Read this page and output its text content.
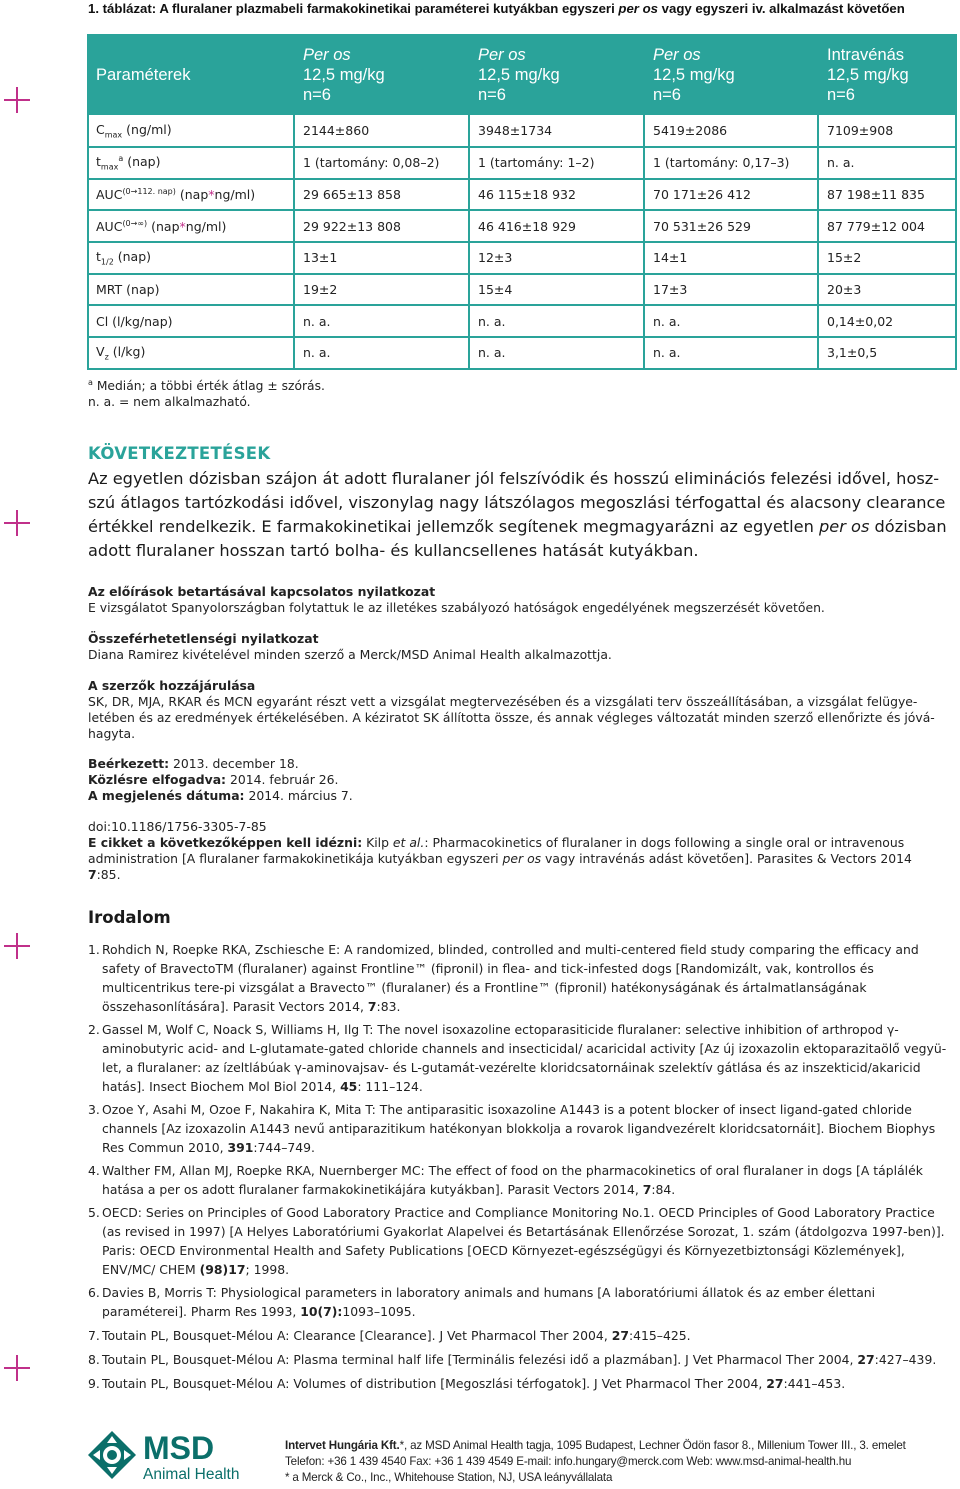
1. táblázat: A fluralaner plazmabeli farmakokinetikai paraméterei kutyákban egyszeri per os vagy egyszeri iv. alkalmazást követően
Paraméterek	Per os
12,5 mg/kg
n=6	Per os
12,5 mg/kg
n=6	Per os
12,5 mg/kg
n=6	Intravénás
12,5 mg/kg
n=6
$C_{max}$ (ng/ml)	2144±860	3948±1734	5419±2086	7109±908
$t_{max}^a$ (nap)	1 (tartomány: 0,08–2)	1 (tartomány: 1–2)	1 (tartomány: 0,17–3)	n. a.
$AUC^{(0\to 112. nap)}$ (nap*ng/ml)	29 665±13 858	46 115±18 932	70 171±26 412	87 198±11 835
$AUC^{(0\to\infty)}$ (nap*ng/ml)	29 922±13 808	46 416±18 929	70 531±26 529	87 779±12 004
$t_{1/2}$ (nap)	13±1	12±3	14±1	15±2
MRT (nap)	19±2	15±4	17±3	20±3
Cl (l/kg/nap)	n. a.	n. a.	n. a.	0,14±0,02
$V_z$ (l/kg)	n. a.	n. a.	n. a.	3,1±0,5
$^a$ Medián; a többi érték átlag ± szórás.
n. a. = nem alkalmazható.
KÖVETKEZTETÉSEK

Az egyetlen dózisban szájon át adott fluralaner jól felszívódik és hosszú eliminációs felezési idővel, hosz-szú átlagos tartózkodási idővel, viszonylag nagy látszólagos megoszlási térfogattal és alacsony clearance értékkel rendelkezik. E farmakokinetikai jellemzők segítenek megmagyarázni az egyetlen per os dózisban adott fluralaner hosszan tartó bolha- és kullancsellenes hatását kutyákban.

Az előírások betartásával kapcsolatos nyilatkozat
E vizsgálatot Spanyolországban folytattuk le az illetékes szabályozó hatóságok engedélyének megszerzését követően.
Összeférhetetlenségi nyilatkozat
Diana Ramirez kivételével minden szerző a Merck/MSD Animal Health alkalmazottja.
A szerzők hozzájárulása
SK, DR, MJA, RKAR és MCN egyaránt részt vett a vizsgálat megtervezésében és a vizsgálati terv összeállításában, a vizsgálat felügye-letében és az eredmények értékelésében. A kéziratot SK állította össze, és annak végleges változatát minden szerző ellenőrizte és jóvá-hagyta.
Beérkezett: 2013. december 18.
Közlésre elfogadva: 2014. február 26.
A megjelenés dátuma: 2014. március 7.
doi:10.1186/1756-3305-7-85
E cikket a következőképpen kell idézni: Kilp et al.: Pharmacokinetics of fluralaner in dogs following a single oral or intravenous
administration [A fluralaner farmakokinetikája kutyákban egyszeri per os vagy intravénás adást követően]. Parasites & Vectors 2014
7:85.
Irodalom
1. Rohdich N, Roepke RKA, Zschiesche E: A randomized, blinded, controlled and multi-centered field study comparing the efficacy and safety of BravectoTM (fluralaner) against Frontline™ (fipronil) in flea- and tick-infested dogs [Randomizált, vak, kontrollos és multicentrikus tere-pi vizsgálat a Bravecto™ (fluralaner) és a Frontline™ (fipronil) hatékonyságának és ártalmatlanságának összehasonlítására]. Parasit Vectors 2014, 7:83.
2. Gassel M, Wolf C, Noack S, Williams H, Ilg T: The novel isoxazoline ectoparasiticide fluralaner: selective inhibition of arthropod γ-aminobutyric acid- and L-glutamate-gated chloride channels and insecticidal/ acaricidal activity [Az új izoxazolin ektoparazitaölő vegyü-let, a fluralaner: az ízeltlábúak γ-aminovajsav- és L-gutamát-vezérelte kloridcsatornáinak szelektív gátlása és az inszekticid/akaricid hatás]. Insect Biochem Mol Biol 2014, 45: 111–124.
3. Ozoe Y, Asahi M, Ozoe F, Nakahira K, Mita T: The antiparasitic isoxazoline A1443 is a potent blocker of insect ligand-gated chloride channels [Az izoxazolin A1443 nevű antiparazitikum hatékonyan blokkolja a rovarok ligandvezérelt kloridcsatornáit]. Biochem Biophys Res Commun 2010, 391:744–749.
4. Walther FM, Allan MJ, Roepke RKA, Nuernberger MC: The effect of food on the pharmacokinetics of oral fluralaner in dogs [A táplálék hatása a per os adott fluralaner farmakokinetikájára kutyákban]. Parasit Vectors 2014, 7:84.
5. OECD: Series on Principles of Good Laboratory Practice and Compliance Monitoring No.1. OECD Principles of Good Laboratory Practice (as revised in 1997) [A Helyes Laboratóriumi Gyakorlat Alapelvei és Betartásának Ellenőrzése Sorozat, 1. szám (átdolgozva 1997-ben)]. Paris: OECD Environmental Health and Safety Publications [OECD Környezet-egészségügyi és Környezetbiztonsági Közlemények], ENV/MC/ CHEM (98)17; 1998.
6. Davies B, Morris T: Physiological parameters in laboratory animals and humans [A laboratóriumi állatok és az ember élettani paraméterei]. Pharm Res 1993, 10(7):1093–1095.
7. Toutain PL, Bousquet-Mélou A: Clearance [Clearance]. J Vet Pharmacol Ther 2004, 27:415–425.
8. Toutain PL, Bousquet-Mélou A: Plasma terminal half life [Terminális felezési idő a plazmában]. J Vet Pharmacol Ther 2004, 27:427–439.
9. Toutain PL, Bousquet-Mélou A: Volumes of distribution [Megoszlási térfogatok]. J Vet Pharmacol Ther 2004, 27:441–453.
MSD
Animal Health
Intervet Hungária Kft.*, az MSD Animal Health tagja, 1095 Budapest, Lechner Ödön fasor 8., Millenium Tower III., 3. emelet
Telefon: +36 1 439 4540 Fax: +36 1 439 4549 E-mail: info.hungary@merck.com Web: www.msd-animal-health.hu
* a Merck & Co., Inc., Whitehouse Station, NJ, USA leányvállalata
